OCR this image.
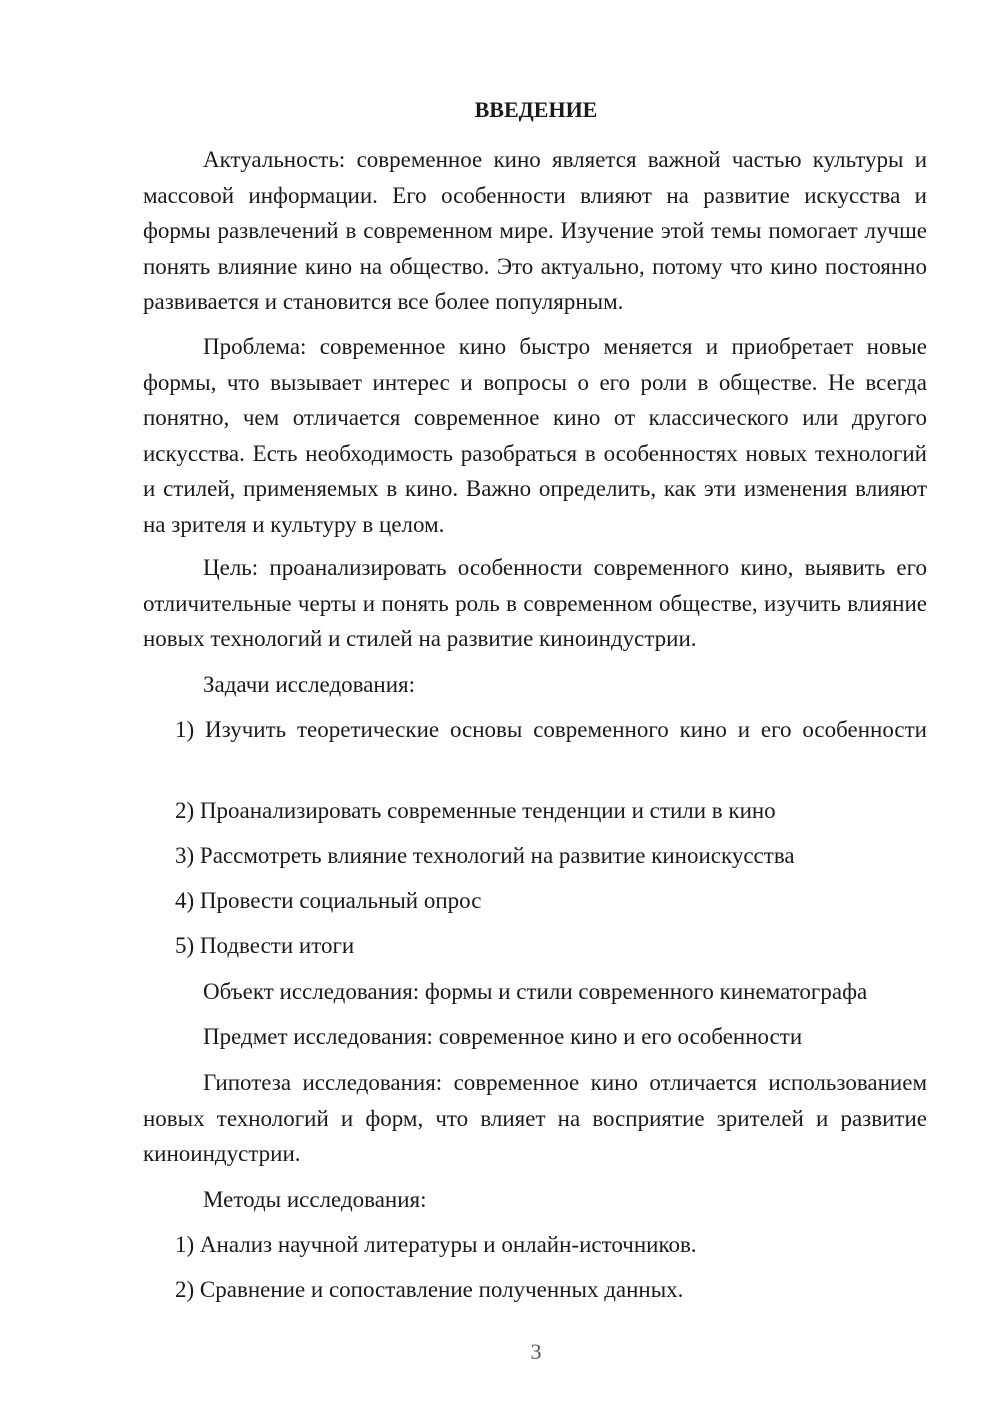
ВВЕДЕНИЕ

Актуальность: современное кино является важной частью культуры и массовой информации. Его особенности влияют на развитие искусства и формы развлечений в современном мире. Изучение этой темы помогает лучше понять влияние кино на общество. Это актуально, потому что кино постоянно развивается и становится все более популярным.

Проблема: современное кино быстро меняется и приобретает новые формы, что вызывает интерес и вопросы о его роли в обществе. Не всегда понятно, чем отличается современное кино от классического или другого искусства. Есть необходимость разобраться в особенностях новых технологий и стилей, применяемых в кино. Важно определить, как эти изменения влияют на зрителя и культуру в целом.

Цель: проанализировать особенности современного кино, выявить его отличительные черты и понять роль в современном обществе, изучить влияние новых технологий и стилей на развитие киноиндустрии.

Задачи исследования:

1) Изучить теоретические основы современного кино и его особенности

2) Проанализировать современные тенденции и стили в кино

3) Рассмотреть влияние технологий на развитие киноискусства

4) Провести социальный опрос

5) Подвести итоги

Объект исследования: формы и стили современного кинематографа

Предмет исследования: современное кино и его особенности

Гипотеза исследования: современное кино отличается использованием новых технологий и форм, что влияет на восприятие зрителей и развитие киноиндустрии.

Методы исследования:

1) Анализ научной литературы и онлайн-источников.

2) Сравнение и сопоставление полученных данных.

3
